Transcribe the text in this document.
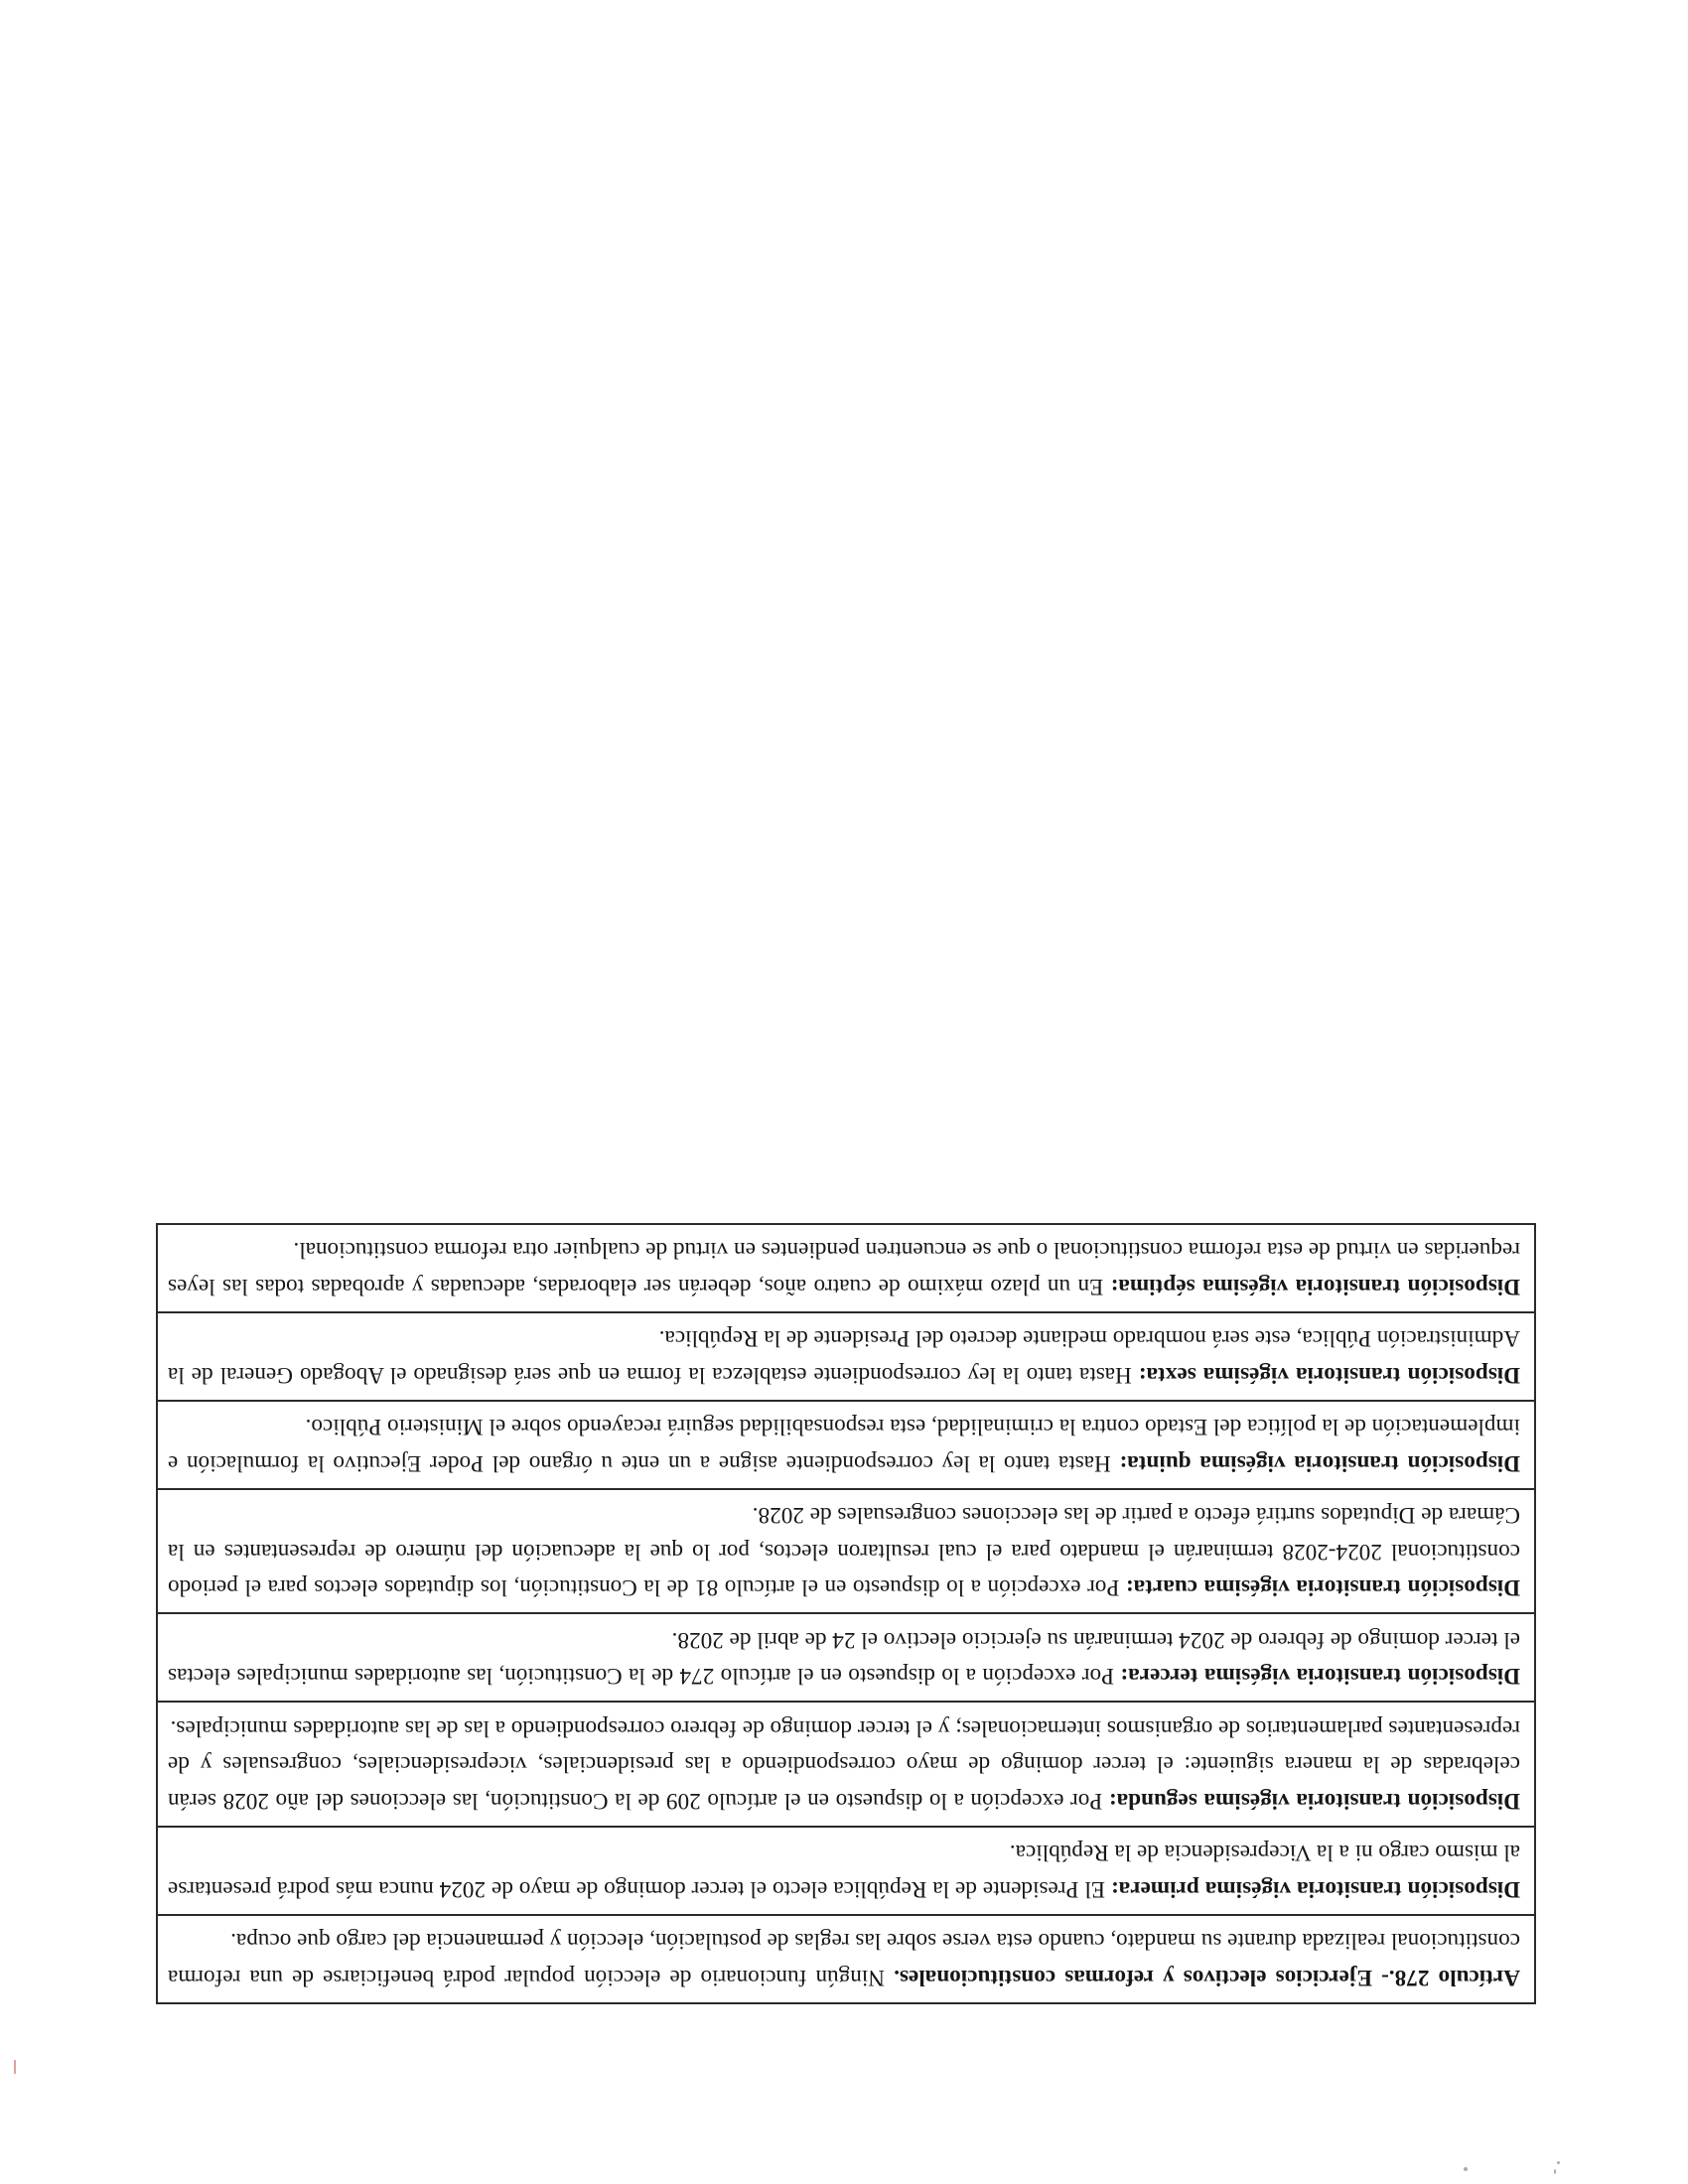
Artículo 278.- Ejercicios electivos y reformas constitucionales. Ningún funcionario de elección popular podrá beneficiarse de una reforma constitucional realizada durante su mandato, cuando esta verse sobre las reglas de postulación, elección y permanencia del cargo que ocupa.
Disposición transitoria vigésima primera: El Presidente de la República electo el tercer domingo de mayo de 2024 nunca más podrá presentarse al mismo cargo ni a la Vicepresidencia de la República.
Disposición transitoria vigésima segunda: Por excepción a lo dispuesto en el artículo 209 de la Constitución, las elecciones del año 2028 serán celebradas de la manera siguiente: el tercer domingo de mayo correspondiendo a las presidenciales, vicepresidenciales, congresuales y de representantes parlamentarios de organismos internacionales; y el tercer domingo de febrero correspondiendo a las de las autoridades municipales.
Disposición transitoria vigésima tercera: Por excepción a lo dispuesto en el artículo 274 de la Constitución, las autoridades municipales electas el tercer domingo de febrero de 2024 terminarán su ejercicio electivo el 24 de abril de 2028.
Disposición transitoria vigésima cuarta: Por excepción a lo dispuesto en el artículo 81 de la Constitución, los diputados electos para el periodo constitucional 2024-2028 terminarán el mandato para el cual resultaron electos, por lo que la adecuación del número de representantes en la Cámara de Diputados surtirá efecto a partir de las elecciones congresuales de 2028.
Disposición transitoria vigésima quinta: Hasta tanto la ley correspondiente asigne a un ente u órgano del Poder Ejecutivo la formulación e implementación de la política del Estado contra la criminalidad, esta responsabilidad seguirá recayendo sobre el Ministerio Público.
Disposición transitoria vigésima sexta: Hasta tanto la ley correspondiente establezca la forma en que será designado el Abogado General de la Administración Pública, este será nombrado mediante decreto del Presidente de la República.
Disposición transitoria vigésima séptima: En un plazo máximo de cuatro años, deberán ser elaboradas, adecuadas y aprobadas todas las leyes requeridas en virtud de esta reforma constitucional o que se encuentren pendientes en virtud de cualquier otra reforma constitucional.
